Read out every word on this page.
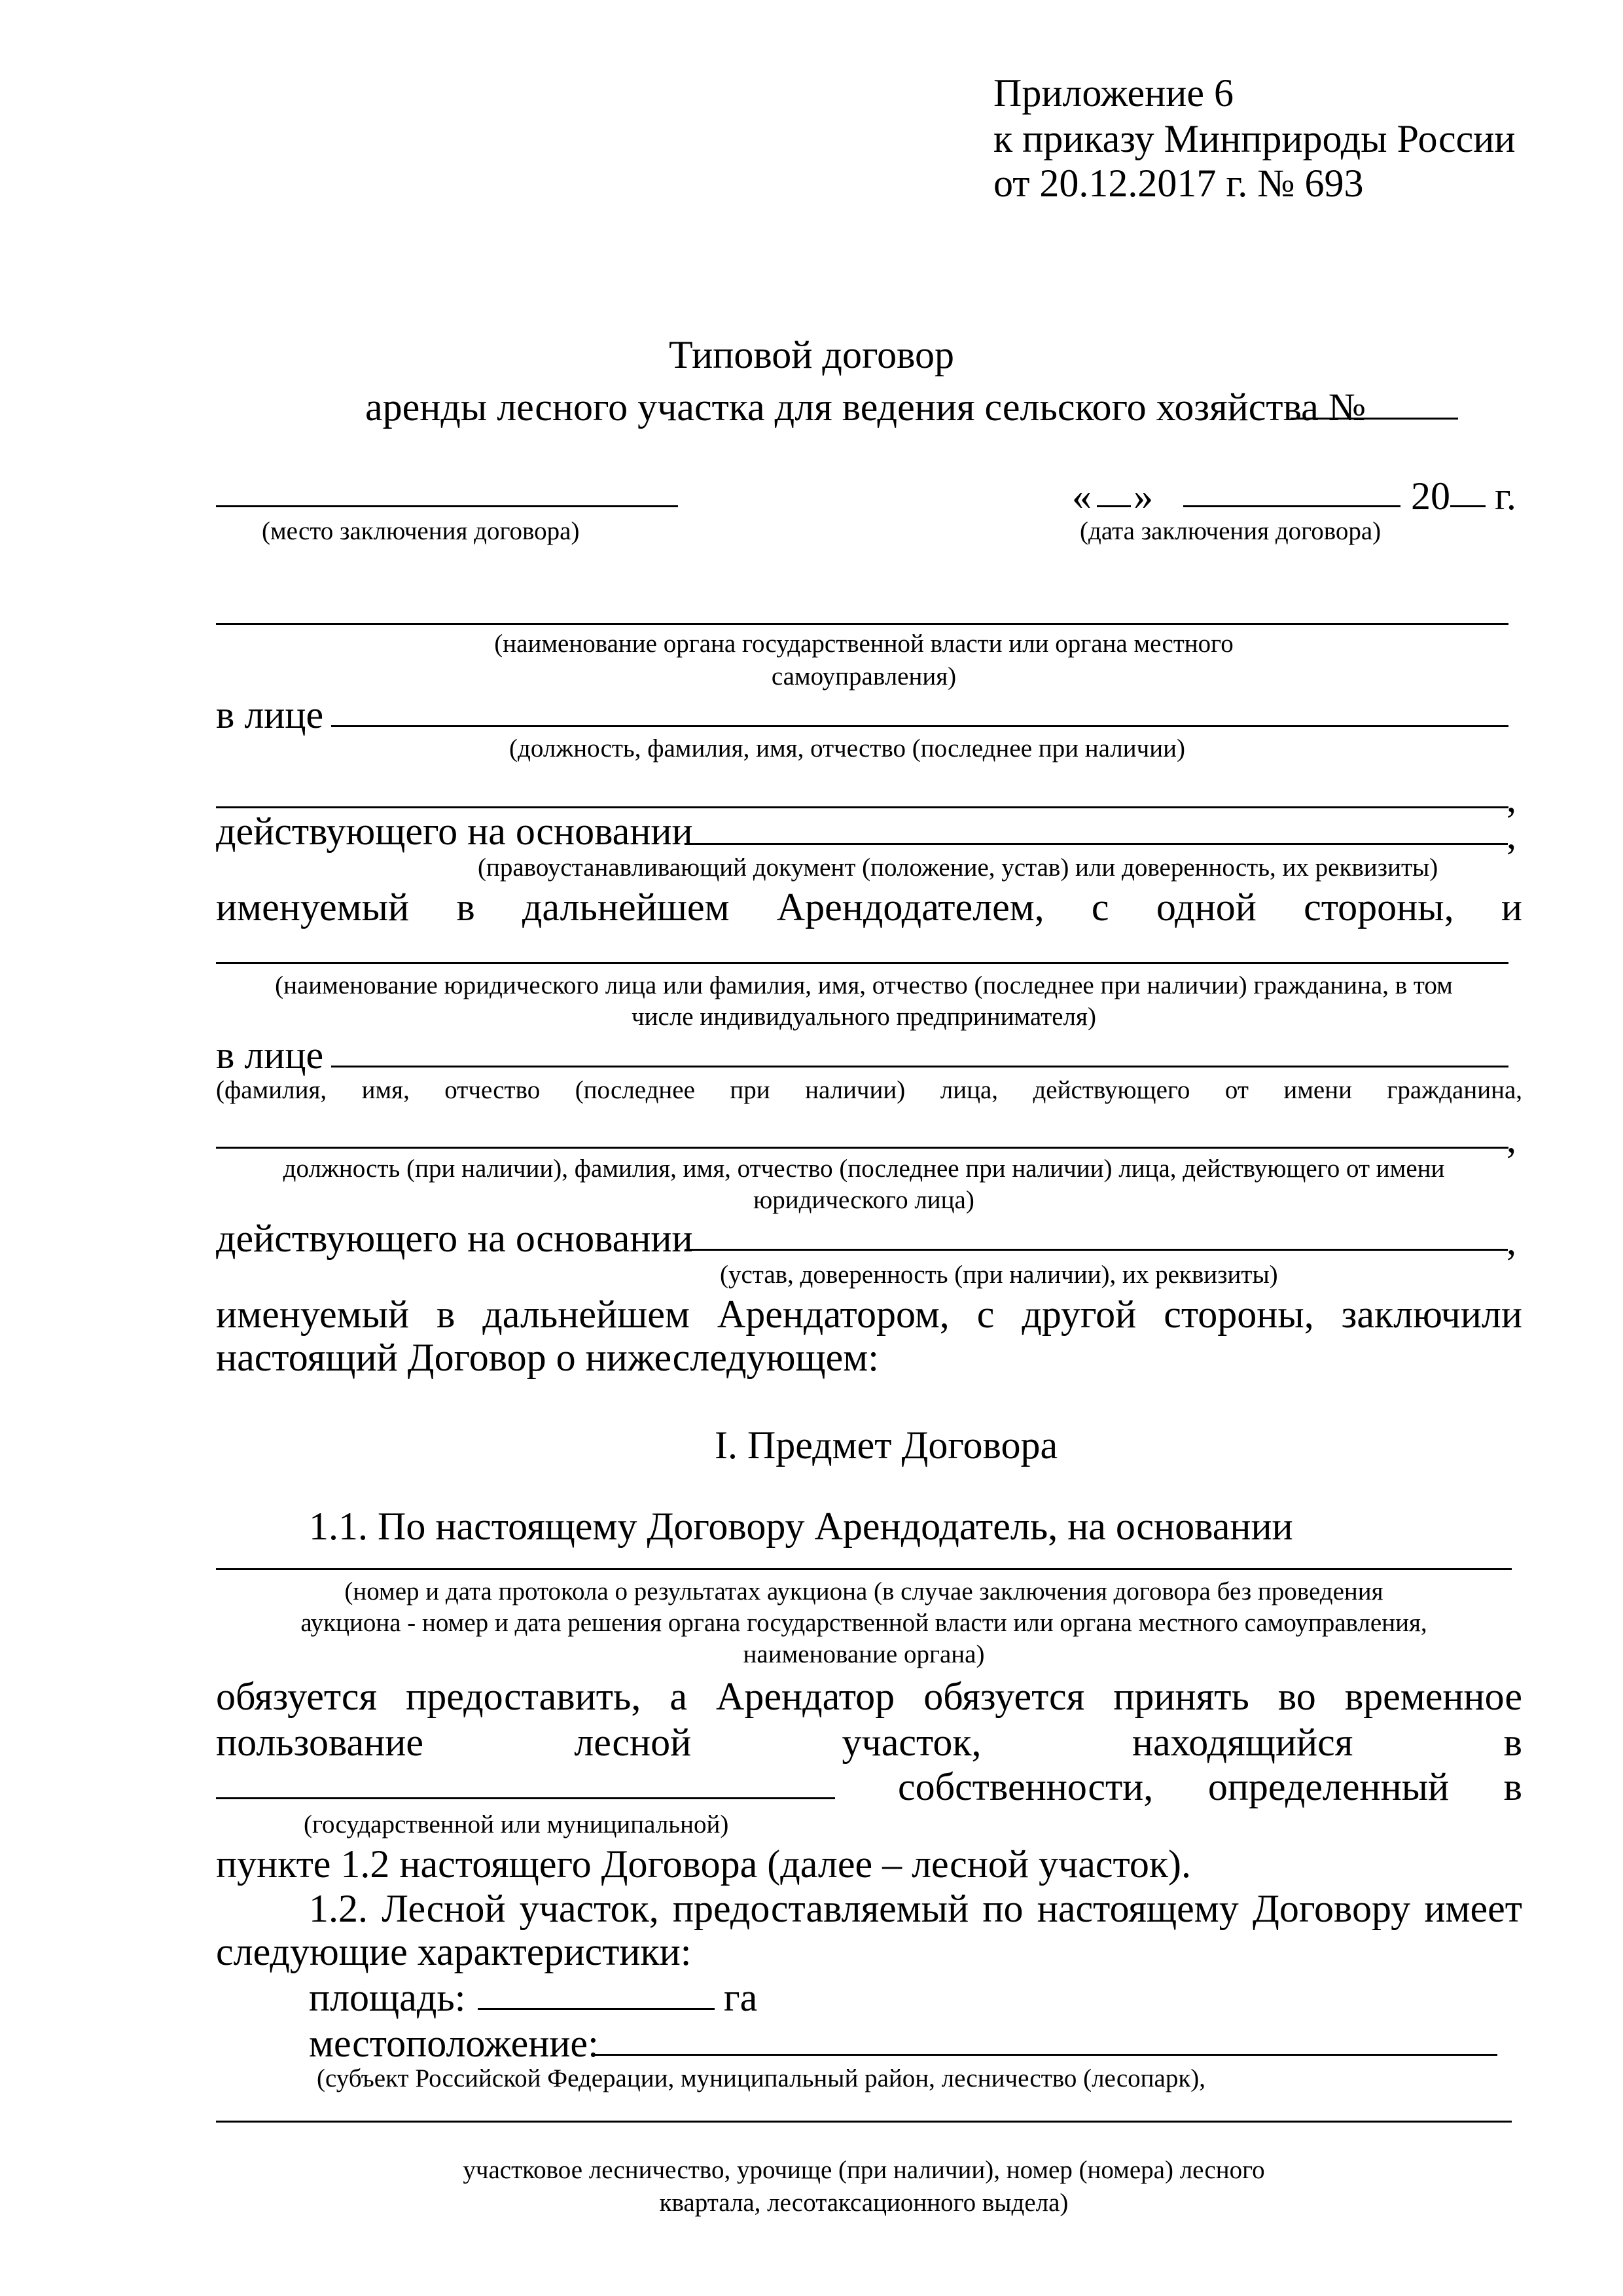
Приложение 6
к приказу Минприроды России
от 20.12.2017 г. № 693
Типовой договор
аренды лесного участка для ведения сельского хозяйства №
« »	20 г.
(место заключения договора)	(дата заключения договора)
(наименование органа государственной власти или органа местного
самоуправления)
в лице
(должность, фамилия, имя, отчество (последнее при наличии)
,
действующего на основании	,
(правоустанавливающий документ (положение, устав) или доверенность, их реквизиты)
именуемый в дальнейшем Арендодателем, с одной стороны, и
(наименование юридического лица или фамилия, имя, отчество (последнее при наличии) гражданина, в том
числе индивидуального предпринимателя)
в лице
(фамилия, имя, отчество (последнее при наличии) лица, действующего от имени гражданина,
,
должность (при наличии), фамилия, имя, отчество (последнее при наличии) лица, действующего от имени
юридического лица)
действующего на основании	,
(устав, доверенность (при наличии), их реквизиты)
именуемый в дальнейшем Арендатором, с другой стороны, заключили
настоящий Договор о нижеследующем:
I. Предмет Договора
1.1. По настоящему Договору Арендодатель, на основании
(номер и дата протокола о результатах аукциона (в случае заключения договора без проведения
аукциона - номер и дата решения органа государственной власти или органа местного самоуправления,
наименование органа)
обязуется предоставить, а Арендатор обязуется принять во временное
пользование	лесной	участок,	находящийся	в
собственности, определенный в
(государственной или муниципальной)
пункте 1.2 настоящего Договора (далее – лесной участок).
1.2. Лесной участок, предоставляемый по настоящему Договору имеет
следующие характеристики:
площадь:	га
местоположение:
(субъект Российской Федерации, муниципальный район, лесничество (лесопарк),
участковое лесничество, урочище (при наличии), номер (номера) лесного
квартала, лесотаксационного выдела)
